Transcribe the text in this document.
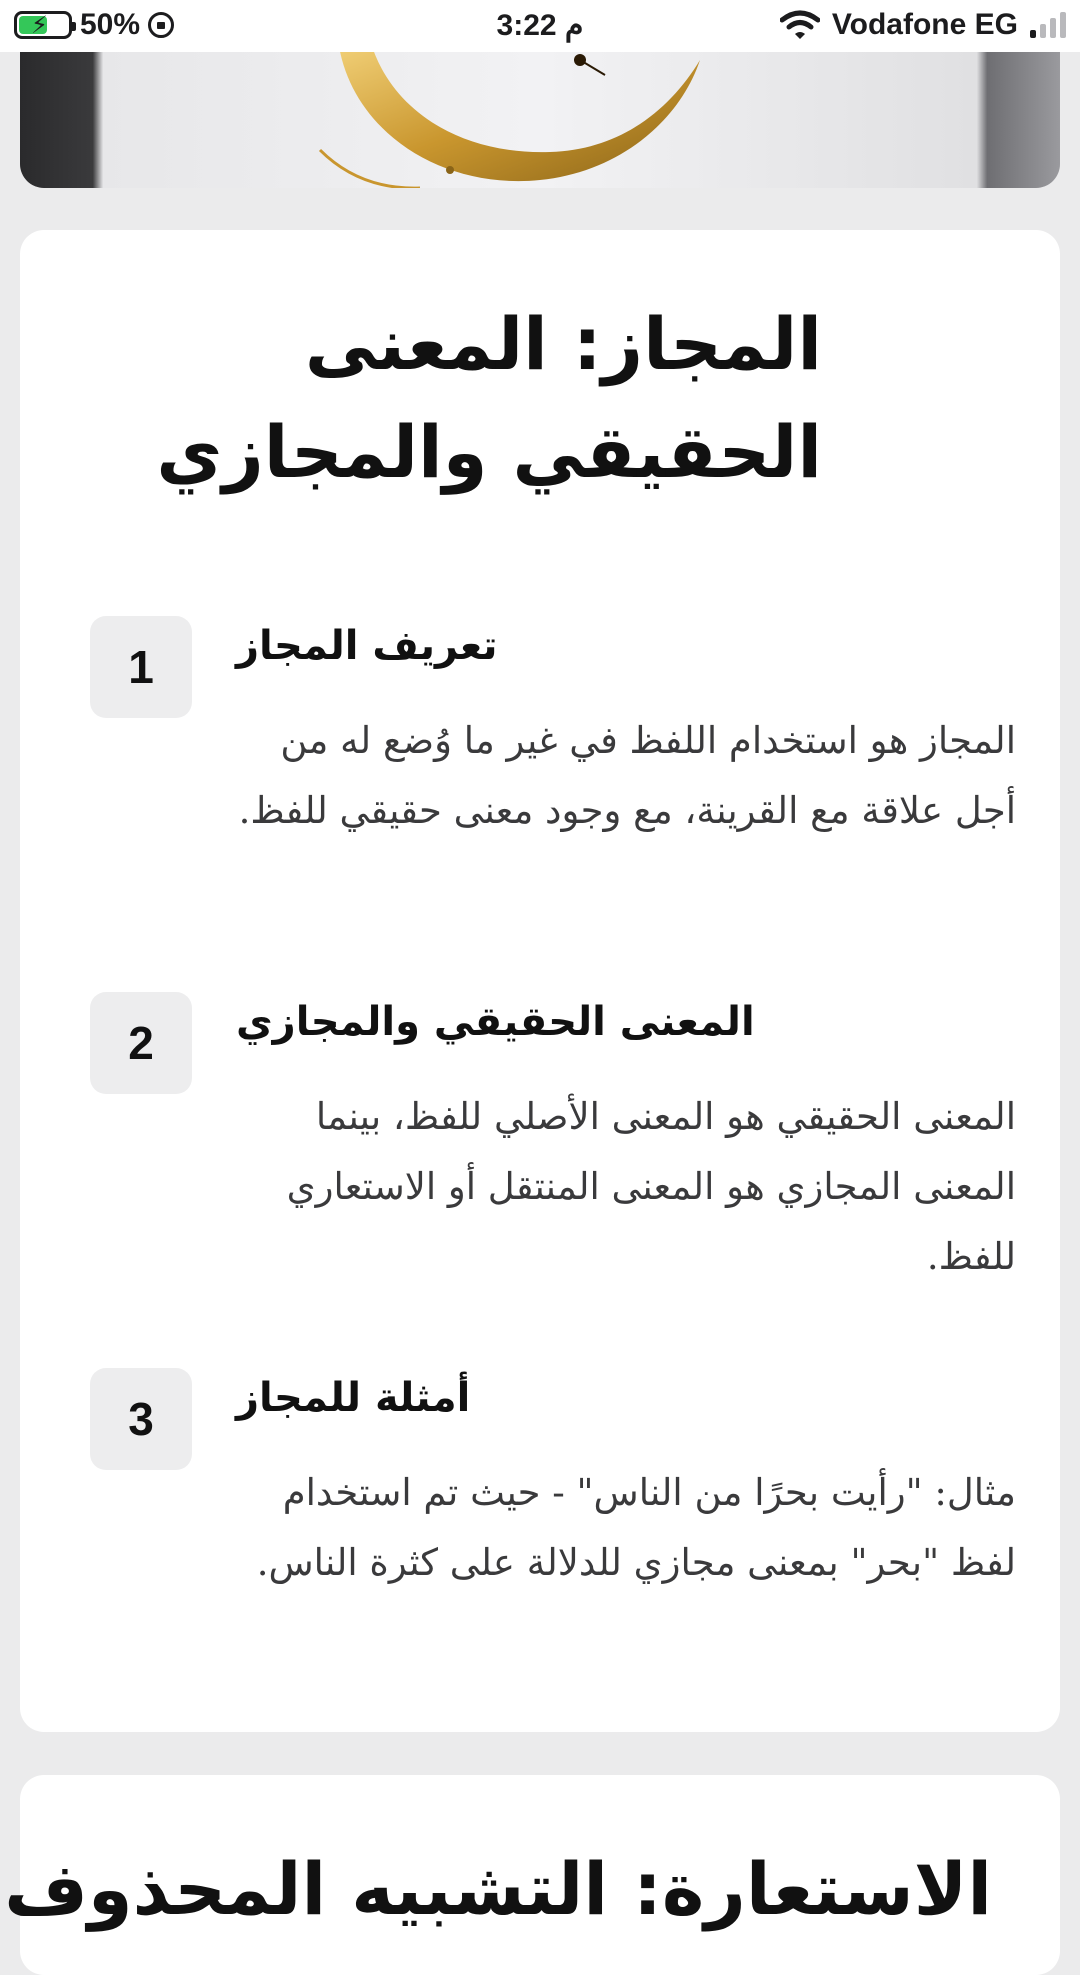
⚡ 50%	3:22 م	Vodafone EG
المجاز: المعنى الحقيقي والمجازي
1	تعريف المجاز
المجاز هو استخدام اللفظ في غير ما وُضع له من أجل علاقة مع القرينة، مع وجود معنى حقيقي للفظ.
2	المعنى الحقيقي والمجازي
المعنى الحقيقي هو المعنى الأصلي للفظ، بينما المعنى المجازي هو المعنى المنتقل أو الاستعاري للفظ.
3	أمثلة للمجاز
مثال: "رأيت بحرًا من الناس" - حيث تم استخدام لفظ "بحر" بمعنى مجازي للدلالة على كثرة الناس.
الاستعارة: التشبيه المحذوف
